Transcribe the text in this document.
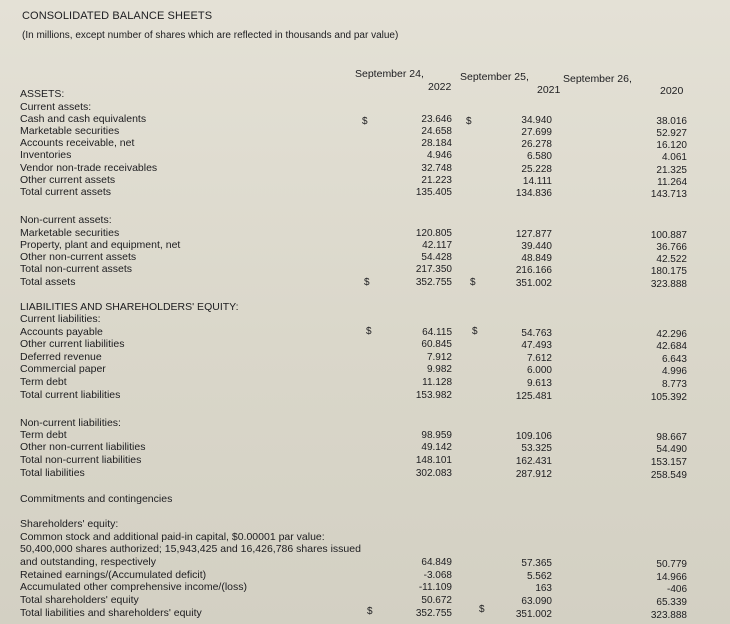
CONSOLIDATED BALANCE SHEETS
(In millions, except number of shares which are reflected in thousands and par value)
September 24,
2022
September 25,
2021
September 26,
2020
$	$
$	$
$	$
$	$
ASSETS:
Current assets:
Cash and cash equivalents	23.646	34.940	38.016
Marketable securities	24.658	27.699	52.927
Accounts receivable, net	28.184	26.278	16.120
Inventories	4.946	6.580	4.061
Vendor non-trade receivables	32.748	25.228	21.325
Other current assets	21.223	14.111	11.264
Total current assets	135.405	134.836	143.713
Non-current assets:
Marketable securities	120.805	127.877	100.887
Property, plant and equipment, net	42.117	39.440	36.766
Other non-current assets	54.428	48.849	42.522
Total non-current assets	217.350	216.166	180.175
Total assets	352.755	351.002	323.888
LIABILITIES AND SHAREHOLDERS' EQUITY:
Current liabilities:
Accounts payable	64.115	54.763	42.296
Other current liabilities	60.845	47.493	42.684
Deferred revenue	7.912	7.612	6.643
Commercial paper	9.982	6.000	4.996
Term debt	11.128	9.613	8.773
Total current liabilities	153.982	125.481	105.392
Non-current liabilities:
Term debt	98.959	109.106	98.667
Other non-current liabilities	49.142	53.325	54.490
Total non-current liabilities	148.101	162.431	153.157
Total liabilities	302.083	287.912	258.549
Commitments and contingencies
Shareholders' equity:
Common stock and additional paid-in capital, $0.00001 par value:
50,400,000 shares authorized; 15,943,425 and 16,426,786 shares issued
and outstanding, respectively	64.849	57.365	50.779
Retained earnings/(Accumulated deficit)	-3.068	5.562	14.966
Accumulated other comprehensive income/(loss)	-11.109	163	-406
Total shareholders' equity	50.672	63.090	65.339
Total liabilities and shareholders' equity	352.755	351.002	323.888
